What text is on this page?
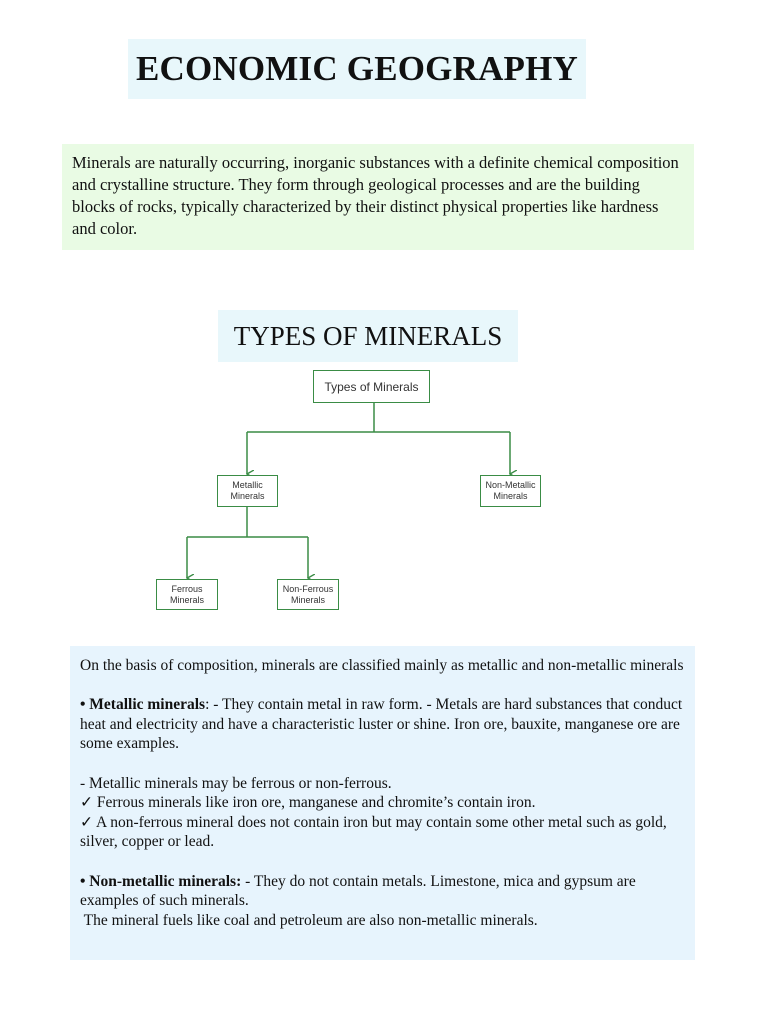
ECONOMIC GEOGRAPHY

Minerals are naturally occurring, inorganic substances with a definite chemical composition and crystalline structure. They form through geological processes and are the building blocks of rocks, typically characterized by their distinct physical properties like hardness and color.

TYPES OF MINERALS
Types of Minerals
Metallic
Minerals
Non-Metallic
Minerals
Ferrous
Minerals
Non-Ferrous
Minerals

On the basis of composition, minerals are classified mainly as metallic and non-metallic minerals

• Metallic minerals: - They contain metal in raw form. - Metals are hard substances that conduct heat and electricity and have a characteristic luster or shine. Iron ore, bauxite, manganese ore are some examples.

- Metallic minerals may be ferrous or non-ferrous.

✓ Ferrous minerals like iron ore, manganese and chromite’s contain iron.

✓ A non-ferrous mineral does not contain iron but may contain some other metal such as gold, silver, copper or lead.

• Non-metallic minerals: - They do not contain metals. Limestone, mica and gypsum are examples of such minerals.

The mineral fuels like coal and petroleum are also non-metallic minerals.
